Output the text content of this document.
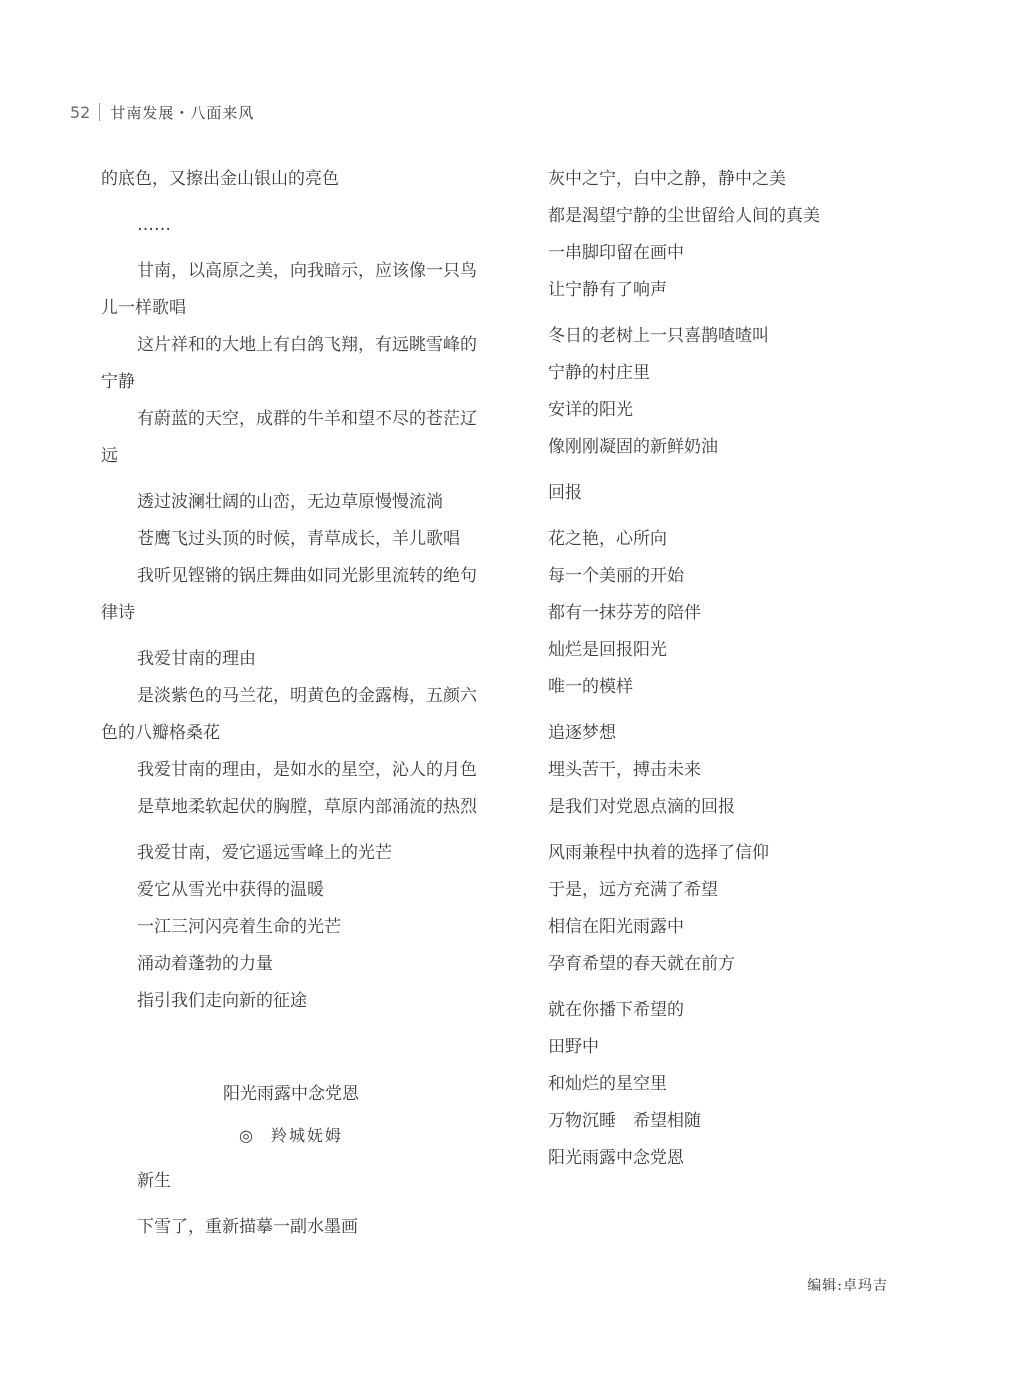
52 甘南发展・八面来风

的底色，又擦出金山银山的亮色

……

甘南，以高原之美，向我暗示，应该像一只鸟儿一样歌唱

这片祥和的大地上有白鸽飞翔，有远眺雪峰的宁静

有蔚蓝的天空，成群的牛羊和望不尽的苍茫辽远

透过波澜壮阔的山峦，无边草原慢慢流淌

苍鹰飞过头顶的时候，青草成长，羊儿歌唱

我听见铿锵的锅庄舞曲如同光影里流转的绝句律诗

我爱甘南的理由

是淡紫色的马兰花，明黄色的金露梅，五颜六色的八瓣格桑花

我爱甘南的理由，是如水的星空，沁人的月色

是草地柔软起伏的胸膛，草原内部涌流的热烈

我爱甘南，爱它遥远雪峰上的光芒

爱它从雪光中获得的温暖

一江三河闪亮着生命的光芒

涌动着蓬勃的力量

指引我们走向新的征途

阳光雨露中念党恩
◎ 羚城妩姆

新生

下雪了，重新描摹一副水墨画

灰中之宁，白中之静，静中之美

都是渴望宁静的尘世留给人间的真美

一串脚印留在画中

让宁静有了响声

冬日的老树上一只喜鹊喳喳叫

宁静的村庄里

安详的阳光

像刚刚凝固的新鲜奶油

回报

花之艳，心所向

每一个美丽的开始

都有一抹芬芳的陪伴

灿烂是回报阳光

唯一的模样

追逐梦想

埋头苦干，搏击未来

是我们对党恩点滴的回报

风雨兼程中执着的选择了信仰

于是，远方充满了希望

相信在阳光雨露中

孕育希望的春天就在前方

就在你播下希望的

田野中

和灿烂的星空里

万物沉睡　希望相随

阳光雨露中念党恩

编辑:卓玛吉
